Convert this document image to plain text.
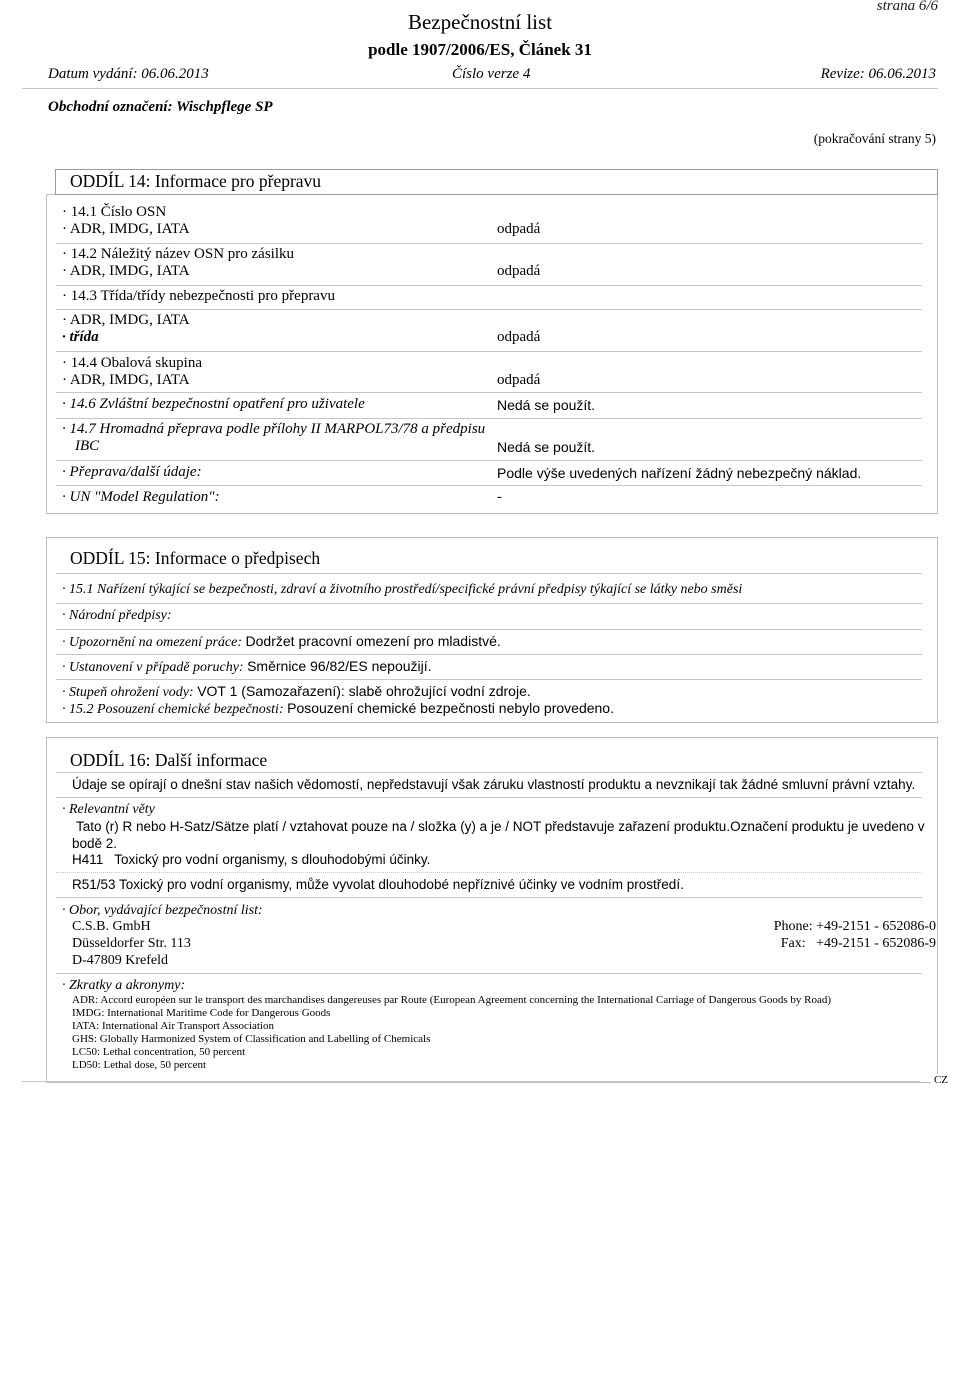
strana 6/6
Bezpečnostní list
podle 1907/2006/ES, Článek 31
Datum vydání: 06.06.2013	Číslo verze 4	Revize: 06.06.2013
Obchodní označení: Wischpflege SP
(pokračování strany 5)
ODDÍL 14: Informace pro přepravu
· 14.1 Číslo OSN
· ADR, IMDG, IATA	odpadá
· 14.2 Náležitý název OSN pro zásilku
· ADR, IMDG, IATA	odpadá
· 14.3 Třída/třídy nebezpečnosti pro přepravu
· ADR, IMDG, IATA
· třída	odpadá
· 14.4 Obalová skupina
· ADR, IMDG, IATA	odpadá
· 14.6 Zvláštní bezpečnostní opatření pro uživatele	Nedá se použít.
· 14.7 Hromadná přeprava podle přílohy II MARPOL73/78 a předpisu
IBC	Nedá se použít.
· Přeprava/další údaje:	Podle výše uvedených nařízení žádný nebezpečný náklad.
· UN "Model Regulation":	-
ODDÍL 15: Informace o předpisech
· 15.1 Nařízení týkající se bezpečnosti, zdraví a životního prostředí/specifické právní předpisy týkající se látky nebo směsi
· Národní předpisy:
· Upozornění na omezení práce: Dodržet pracovní omezení pro mladistvé.
· Ustanovení v případě poruchy: Směrnice 96/82/ES nepoužijí.
· Stupeň ohrožení vody: VOT 1 (Samozařazení): slabě ohrožující vodní zdroje.
· 15.2 Posouzení chemické bezpečnosti: Posouzení chemické bezpečnosti nebylo provedeno.
ODDÍL 16: Další informace
Údaje se opírají o dnešní stav našich vědomostí, nepředstavují však záruku vlastností produktu a nevznikají tak žádné smluvní právní vztahy.
· Relevantní věty
Tato (r) R nebo H-Satz/Sätze platí / vztahovat pouze na / složka (y) a je / NOT představuje zařazení produktu.Označení produktu je uvedeno v
bodě 2.
H411   Toxický pro vodní organismy, s dlouhodobými účinky.
R51/53 Toxický pro vodní organismy, může vyvolat dlouhodobé nepříznivé účinky ve vodním prostředí.
· Obor, vydávající bezpečnostní list:
C.S.B. GmbH
Düsseldorfer Str. 113
D-47809 Krefeld
Phone: +49-2151 - 652086-0
Fax:   +49-2151 - 652086-9
· Zkratky a akronymy:
ADR: Accord européen sur le transport des marchandises dangereuses par Route (European Agreement concerning the International Carriage of Dangerous Goods by Road)
IMDG: International Maritime Code for Dangerous Goods
IATA: International Air Transport Association
GHS: Globally Harmonized System of Classification and Labelling of Chemicals
LC50: Lethal concentration, 50 percent
LD50: Lethal dose, 50 percent
CZ
